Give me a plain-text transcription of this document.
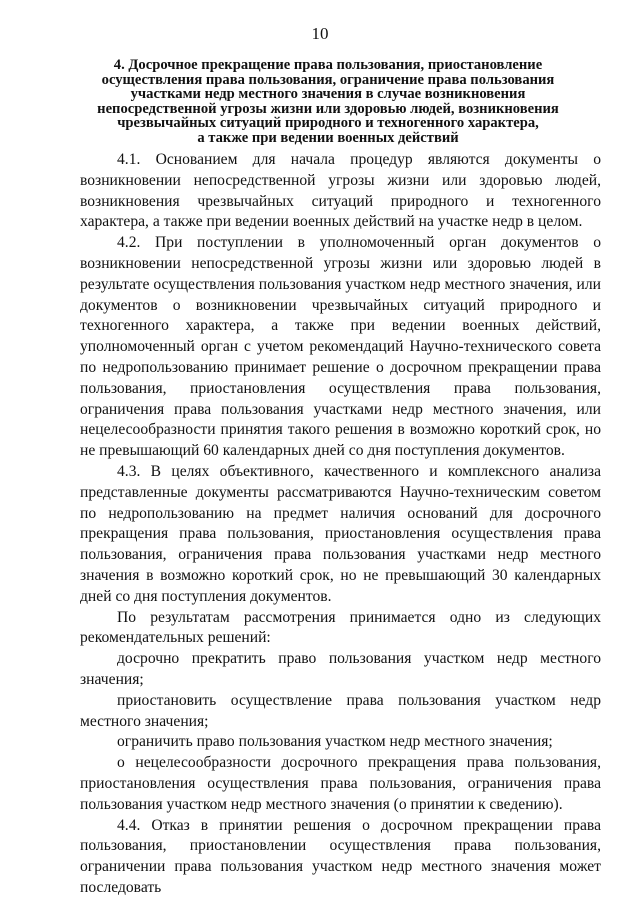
10
4. Досрочное прекращение права пользования, приостановление
осуществления права пользования, ограничение права пользования
участками недр местного значения в случае возникновения
непосредственной угрозы жизни или здоровью людей, возникновения
чрезвычайных ситуаций природного и техногенного характера,
а также при ведении военных действий

4.1. Основанием для начала процедур являются документы о возникновении непосредственной угрозы жизни или здоровью людей, возникновения чрезвычайных ситуаций природного и техногенного характера, а также при ведении военных действий на участке недр в целом.

4.2. При поступлении в уполномоченный орган документов о возникновении непосредственной угрозы жизни или здоровью людей в результате осуществления пользования участком недр местного значения, или документов о возникновении чрезвычайных ситуаций природного и техногенного характера, а также при ведении военных действий, уполномоченный орган с учетом рекомендаций Научно-технического совета по недропользованию принимает решение о досрочном прекращении права пользования, приостановления осуществления права пользования, ограничения права пользования участками недр местного значения, или нецелесообразности принятия такого решения в возможно короткий срок, но не превышающий 60 календарных дней со дня поступления документов.

4.3. В целях объективного, качественного и комплексного анализа представленные документы рассматриваются Научно-техническим советом по недропользованию на предмет наличия оснований для досрочного прекращения права пользования, приостановления осуществления права пользования, ограничения права пользования участками недр местного значения в возможно короткий срок, но не превышающий 30 календарных дней со дня поступления документов.

По результатам рассмотрения принимается одно из следующих рекомендательных решений:

досрочно прекратить право пользования участком недр местного значения;

приостановить осуществление права пользования участком недр местного значения;

ограничить право пользования участком недр местного значения;

о нецелесообразности досрочного прекращения права пользования, приостановления осуществления права пользования, ограничения права пользования участком недр местного значения (о принятии к сведению).

4.4. Отказ в принятии решения о досрочном прекращении права пользования, приостановлении осуществления права пользования, ограничении права пользования участком недр местного значения может последовать
